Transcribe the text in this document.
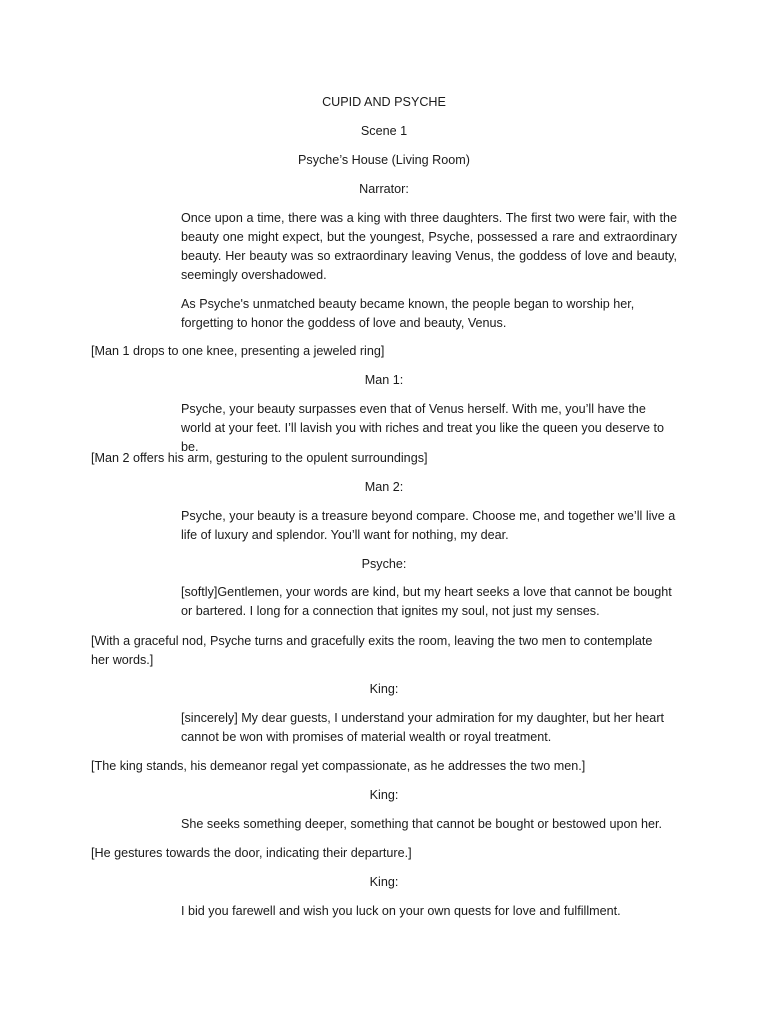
CUPID AND PSYCHE

Scene 1

Psyche’s House (Living Room)

Narrator:

Once upon a time, there was a king with three daughters. The first two were fair, with the beauty one might expect, but the youngest, Psyche, possessed a rare and extraordinary beauty. Her beauty was so extraordinary leaving Venus, the goddess of love and beauty, seemingly overshadowed.

As Psyche's unmatched beauty became known, the people began to worship her, forgetting to honor the goddess of love and beauty, Venus.

[Man 1 drops to one knee, presenting a jeweled ring]

Man 1:

Psyche, your beauty surpasses even that of Venus herself. With me, you’ll have the world at your feet. I’ll lavish you with riches and treat you like the queen you deserve to be.

[Man 2 offers his arm, gesturing to the opulent surroundings]

Man 2:

Psyche, your beauty is a treasure beyond compare. Choose me, and together we’ll live a life of luxury and splendor. You’ll want for nothing, my dear.

Psyche:

[softly]Gentlemen, your words are kind, but my heart seeks a love that cannot be bought or bartered. I long for a connection that ignites my soul, not just my senses.

[With a graceful nod, Psyche turns and gracefully exits the room, leaving the two men to contemplate her words.]

King:

[sincerely] My dear guests, I understand your admiration for my daughter, but her heart cannot be won with promises of material wealth or royal treatment.

[The king stands, his demeanor regal yet compassionate, as he addresses the two men.]

King:

She seeks something deeper, something that cannot be bought or bestowed upon her.

[He gestures towards the door, indicating their departure.]

King:

I bid you farewell and wish you luck on your own quests for love and fulfillment.
